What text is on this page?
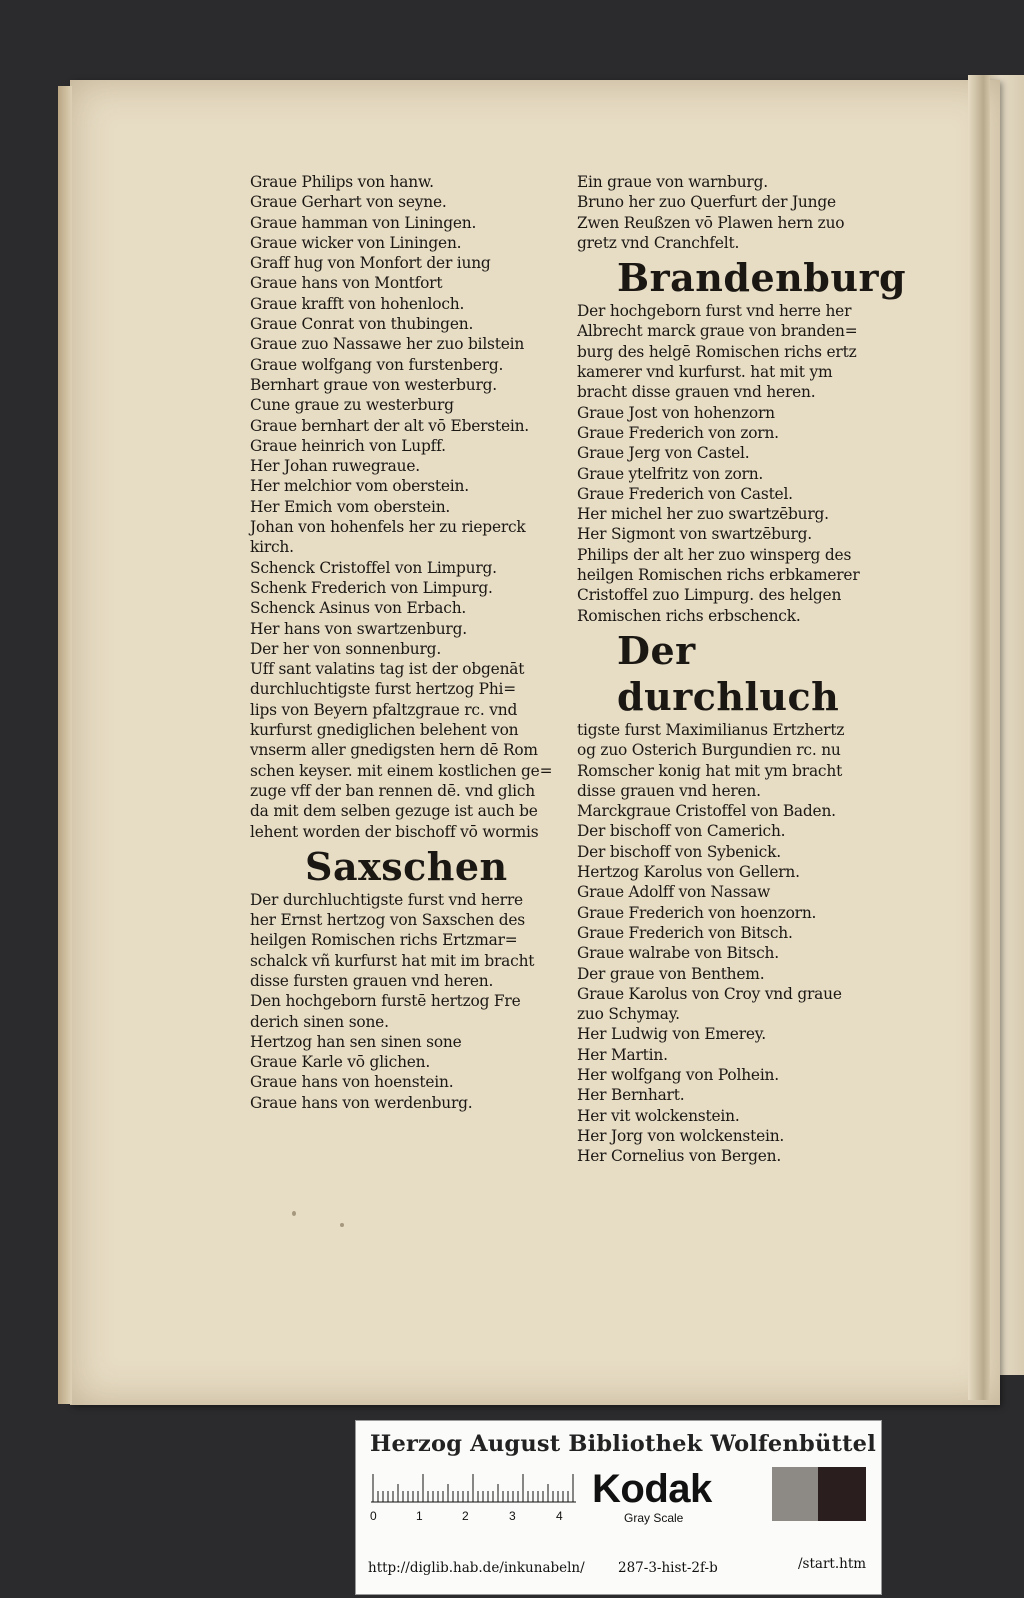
Graue Philips von hanw.
Graue Gerhart von seyne.
Graue hamman von Liningen.
Graue wicker von Liningen.
Graff hug von Monfort der iung
Graue hans von Montfort
Graue krafft von hohenloch.
Graue Conrat von thubingen.
Graue zuo Nassawe her zuo bilstein
Graue wolfgang von furstenberg.
Bernhart graue von westerburg.
Cune graue zu westerburg
Graue bernhart der alt vō Eberstein.
Graue heinrich von Lupff.
Her Johan ruwegraue.
Her melchior vom oberstein.
Her Emich vom oberstein.
Johan von hohenfels her zu rieperck
kirch.
Schenck Cristoffel von Limpurg.
Schenk Frederich von Limpurg.
Schenck Asinus von Erbach.
Her hans von swartzenburg.
Der her von sonnenburg.
Uff sant valatins tag ist der obgenāt
durchluchtigste furst hertzog Phi=
lips von Beyern pfaltzgraue rc. vnd
kurfurst gnediglichen belehent von
vnserm aller gnedigsten hern dē Rom
schen keyser. mit einem kostlichen ge=
zuge vff der ban rennen dē. vnd glich
da mit dem selben gezuge ist auch be
lehent worden der bischoff vō wormis
Saxschen
Der durchluchtigste furst vnd herre
her Ernst hertzog von Saxschen des
heilgen Romischen richs Ertzmar=
schalck vñ kurfurst hat mit im bracht
disse fursten grauen vnd heren.
Den hochgeborn furstē hertzog Fre
derich sinen sone.
Hertzog han sen sinen sone
Graue Karle vō glichen.
Graue hans von hoenstein.
Graue hans von werdenburg.
Ein graue von warnburg.
Bruno her zuo Querfurt der Junge
Zwen Reußzen vō Plawen hern zuo
gretz vnd Cranchfelt.
Brandenburg
Der hochgeborn furst vnd herre her
Albrecht marck graue von branden=
burg des helgē Romischen richs ertz
kamerer vnd kurfurst. hat mit ym
bracht disse grauen vnd heren.
Graue Jost von hohenzorn
Graue Frederich von zorn.
Graue Jerg von Castel.
Graue ytelfritz von zorn.
Graue Frederich von Castel.
Her michel her zuo swartzēburg.
Her Sigmont von swartzēburg.
Philips der alt her zuo winsperg des
heilgen Romischen richs erbkamerer
Cristoffel zuo Limpurg. des helgen
Romischen richs erbschenck.
Der durchluch
tigste furst Maximilianus Ertzhertz
og zuo Osterich Burgundien rc. nu
Romscher konig hat mit ym bracht
disse grauen vnd heren.
Marckgraue Cristoffel von Baden.
Der bischoff von Camerich.
Der bischoff von Sybenick.
Hertzog Karolus von Gellern.
Graue Adolff von Nassaw
Graue Frederich von hoenzorn.
Graue Frederich von Bitsch.
Graue walrabe von Bitsch.
Der graue von Benthem.
Graue Karolus von Croy vnd graue
zuo Schymay.
Her Ludwig von Emerey.
Her Martin.
Her wolfgang von Polhein.
Her Bernhart.
Her vit wolckenstein.
Her Jorg von wolckenstein.
Her Cornelius von Bergen.
Herzog August Bibliothek Wolfenbüttel
0	1	2	3	4
Kodak
Gray Scale
http://diglib.hab.de/inkunabeln/ 287-3-hist-2f-b	/start.htm
